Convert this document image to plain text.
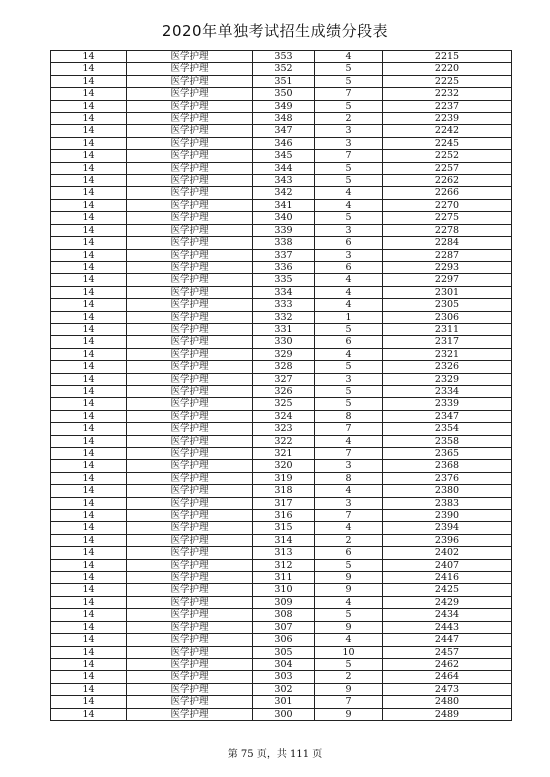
2020年单独考试招生成绩分段表
14	医学护理	353	4	2215
14	医学护理	352	5	2220
14	医学护理	351	5	2225
14	医学护理	350	7	2232
14	医学护理	349	5	2237
14	医学护理	348	2	2239
14	医学护理	347	3	2242
14	医学护理	346	3	2245
14	医学护理	345	7	2252
14	医学护理	344	5	2257
14	医学护理	343	5	2262
14	医学护理	342	4	2266
14	医学护理	341	4	2270
14	医学护理	340	5	2275
14	医学护理	339	3	2278
14	医学护理	338	6	2284
14	医学护理	337	3	2287
14	医学护理	336	6	2293
14	医学护理	335	4	2297
14	医学护理	334	4	2301
14	医学护理	333	4	2305
14	医学护理	332	1	2306
14	医学护理	331	5	2311
14	医学护理	330	6	2317
14	医学护理	329	4	2321
14	医学护理	328	5	2326
14	医学护理	327	3	2329
14	医学护理	326	5	2334
14	医学护理	325	5	2339
14	医学护理	324	8	2347
14	医学护理	323	7	2354
14	医学护理	322	4	2358
14	医学护理	321	7	2365
14	医学护理	320	3	2368
14	医学护理	319	8	2376
14	医学护理	318	4	2380
14	医学护理	317	3	2383
14	医学护理	316	7	2390
14	医学护理	315	4	2394
14	医学护理	314	2	2396
14	医学护理	313	6	2402
14	医学护理	312	5	2407
14	医学护理	311	9	2416
14	医学护理	310	9	2425
14	医学护理	309	4	2429
14	医学护理	308	5	2434
14	医学护理	307	9	2443
14	医学护理	306	4	2447
14	医学护理	305	10	2457
14	医学护理	304	5	2462
14	医学护理	303	2	2464
14	医学护理	302	9	2473
14	医学护理	301	7	2480
14	医学护理	300	9	2489
第 75 页，共 111 页
